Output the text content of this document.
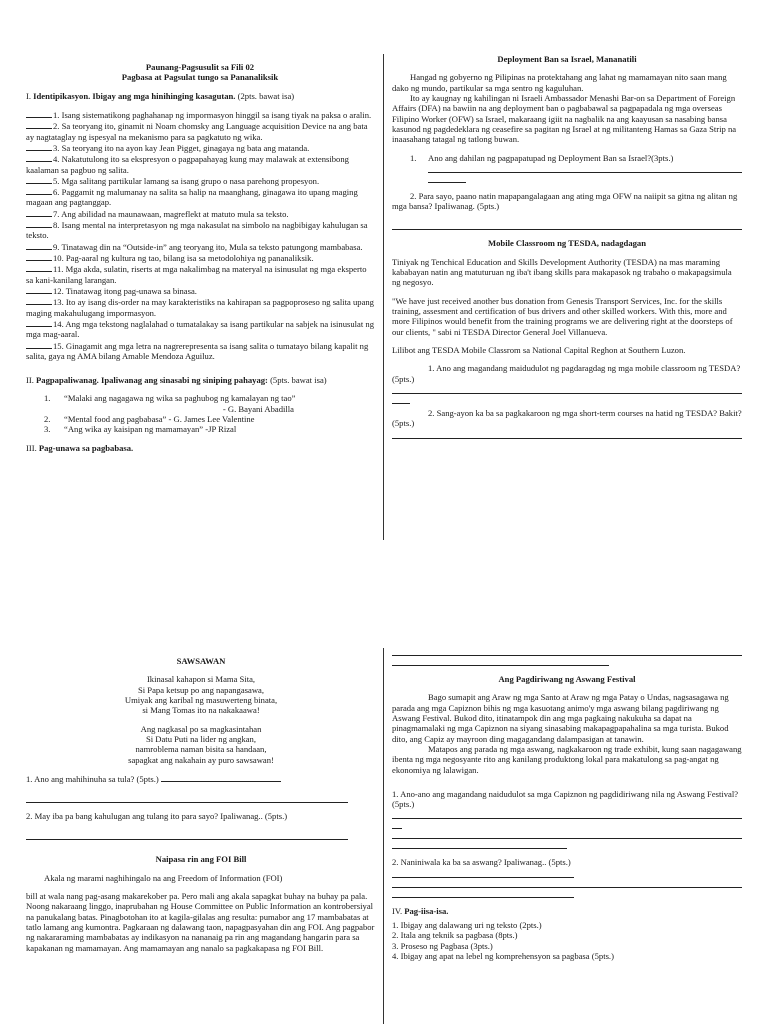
Paunang-Pagsusulit sa Fili 02

Pagbasa at Pagsulat tungo sa Pananaliksik

I. Identipikasyon. Ibigay ang mga hinihinging kasagutan. (2pts. bawat isa)

1. Isang sistematikong paghahanap ng impormasyon hinggil sa isang tiyak na paksa o aralin.

2. Sa teoryang ito, ginamit ni Noam chomsky ang Language acquisition Device na ang bata ay nagtataglay ng ispesyal na mekanismo para sa pagkatuto ng wika.

3. Sa teoryang ito na ayon kay Jean Pigget, ginagaya ng bata ang matanda.

4. Nakatutulong ito sa ekspresyon o pagpapahayag kung may malawak at extensibong kaalaman sa pagbuo ng salita.

5. Mga salitang partikular lamang sa isang grupo o nasa parehong propesyon.

6. Paggamit ng malumanay na salita sa halip na maanghang, ginagawa ito upang maging magaan ang pagtanggap.

7. Ang abilidad na maunawaan, magreflekt at matuto mula sa teksto.

8. Isang mental na interpretasyon ng mga nakasulat na simbolo na nagbibigay kahulugan sa teksto.

9. Tinatawag din na “Outside-in” ang teoryang ito, Mula sa teksto patungong mambabasa.

10. Pag-aaral ng kultura ng tao, bilang isa sa metodolohiya ng pananaliksik.

11. Mga akda, sulatin, riserts at mga nakalimbag na materyal na isinusulat ng mga eksperto sa kani-kanilang larangan.

12. Tinatawag itong pag-unawa sa binasa.

13. Ito ay isang dis-order na may karakteristiks na kahirapan sa pagpoproseso ng salita upang maging makahulugang impormasyon.

14. Ang mga tekstong naglalahad o tumatalakay sa isang partikular na sabjek na isinusulat ng mga mag-aaral.

15. Ginagamit ang mga letra na nagrerepresenta sa isang salita o tumatayo bilang kapalit ng salita, gaya ng AMA bilang Amable Mendoza Aguiluz.

II. Pagpapaliwanag. Ipaliwanag ang sinasabi ng siniping pahayag: (5pts. bawat isa)

1. “Malaki ang nagagawa ng wika sa paghubog ng kamalayan ng tao”

- G. Bayani Abadilla

2. “Mental food ang pagbabasa” - G. James Lee Valentine

3. “Ang wika ay kaisipan ng mamamayan” -JP Rizal

III. Pag-unawa sa pagbabasa.

Deployment Ban sa Israel, Mananatili

Hangad ng gobyerno ng Pilipinas na protektahang ang lahat ng mamamayan nito saan mang dako ng mundo, partikular sa mga sentro ng kaguluhan.

Ito ay kaugnay ng kahilingan ni Israeli Ambassador Menashi Bar-on sa Department of Foreign Affairs (DFA) na bawiin na ang deployment ban o pagbabawal sa pagpapadala ng mga overseas Filipino Worker (OFW) sa Israel, makaraang igiit na nagbalik na ang kaayusan sa nasabing bansa kasunod ng pagdedeklara ng ceasefire sa pagitan ng Israel at ng militanteng Hamas sa Gaza Strip na inaasahang tatagal ng tatlong buwan.

1. Ano ang dahilan ng pagpapatupad ng Deployment Ban sa Israel?(3pts.)

2. Para sayo, paano natin mapapangalagaan ang ating mga OFW na naiipit sa gitna ng alitan ng mga bansa? Ipaliwanag. (5pts.)

Mobile Classroom ng TESDA, nadagdagan

Tiniyak ng Tenchical Education and Skills Development Authority (TESDA) na mas maraming kababayan natin ang matuturuan ng iba't ibang skills para makapasok ng trabaho o makapagsimula ng negosyo.

"We have just received another bus donation from Genesis Transport Services, Inc. for the skills training, assesment and certification of bus drivers and other skilled workers. With this, more and more Filipinos would benefit from the training programs we are delivering right at the doorsteps of our clients, " sabi ni TESDA Director General Joel Villanueva.

Lilibot ang TESDA Mobile Classrom sa National Capital Reghon at Southern Luzon.

1. Ano ang magandang maidudulot ng pagdaragdag ng mga mobile classroom ng TESDA? (5pts.)

2. Sang-ayon ka ba sa pagkakaroon ng mga short-term courses na hatid ng TESDA? Bakit?(5pts.)

SAWSAWAN

Ikinasal kahapon si Mama Sita,

Si Papa ketsup po ang napangasawa,

Umiyak ang karibal ng masuwerteng binata,

si Mang Tomas ito na nakakaawa!

Ang nagkasal po sa magkasintahan

Si Datu Puti na lider ng angkan,

namroblema naman bisita sa handaan,

sapagkat ang nakahain ay puro sawsawan!

1. Ano ang mahihinuha sa tula? (5pts.)

2. May iba pa bang kahulugan ang tulang ito para sayo? Ipaliwanag.. (5pts.)

Naipasa rin ang FOI Bill

Akala ng marami naghihingalo na ang Freedom of Information (FOI)

bill at wala nang pag-asang makarekober pa. Pero mali ang akala sapagkat buhay na buhay pa pala. Noong nakaraang linggo, inaprubahan ng House Committee on Public Information an kontrobersiyal na panukalang batas. Pinagbotohan ito at kagila-gilalas ang resulta: pumabor ang 17 mambabatas at tatlo lamang ang kumontra. Pagkaraan ng dalawang taon, napagpasyahan din ang FOI. Ang pagpabor ng nakararaming mambabatas ay indikasyon na nananaig pa rin ang magandang hangarin para sa kapakanan ng mamamayan. Ang mamamayan ang nanalo sa pagkakapasa ng FOI Bill.

Ang Pagdiriwang ng Aswang Festival

Bago sumapit ang Araw ng mga Santo at Araw ng mga Patay o Undas, nagsasagawa ng parada ang mga Capiznon bihis ng mga kasuotang animo'y mga aswang bilang pagdiriwang ng Aswang Festival. Bukod dito, itinatampok din ang mga pagkaing nakukuha sa dapat na pinagmamalaki ng mga Capiznon na siyang sinasabing makapagpapahalina sa mga turista. Bukod dito, ang Capiz ay mayroon ding magagandang dalampasigan at tanawin.

Matapos ang parada ng mga aswang, nagkakaroon ng trade exhibit, kung saan nagagawang ibenta ng mga negosyante rito ang kanilang produktong lokal para makatulong sa pag-angat ng ekonomiya ng lalawigan.

1. Ano-ano ang magandang naidudulot sa mga Capiznon ng pagdidiriwang nila ng Aswang Festival? (5pts.)

2. Naniniwala ka ba sa aswang? Ipaliwanag.. (5pts.)

IV. Pag-iisa-isa.

1. Ibigay ang dalawang uri ng teksto (2pts.)

2. Itala ang teknik sa pagbasa (8pts.)

3. Proseso ng Pagbasa (3pts.)

4. Ibigay ang apat na lebel ng komprehensyon sa pagbasa (5pts.)
